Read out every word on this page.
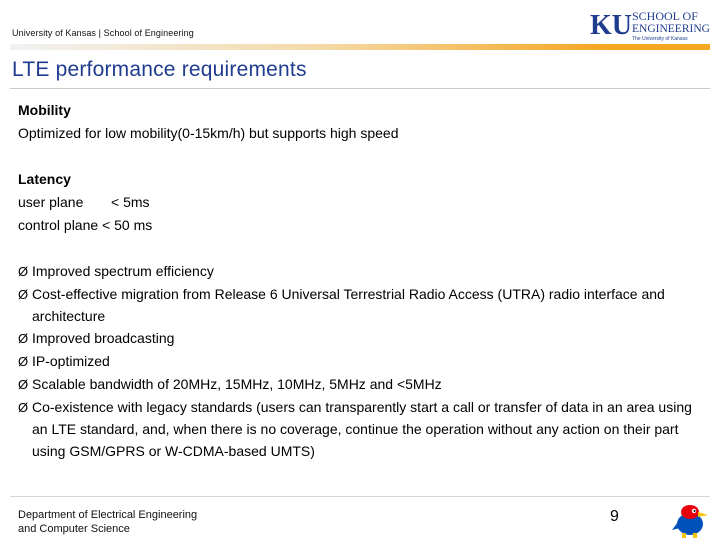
University of Kansas | School of Engineering	KU SCHOOL OF
ENGINEERING
The University of Kansas
LTE performance requirements
Mobility
Optimized for low mobility(0-15km/h) but supports high speed
Latency
user plane < 5ms
control plane < 50 ms
Ø Improved spectrum efficiency
Ø Cost-effective migration from Release 6 Universal Terrestrial Radio Access (UTRA) radio interface and architecture
Ø Improved broadcasting
Ø IP-optimized
Ø Scalable bandwidth of 20MHz, 15MHz, 10MHz, 5MHz and <5MHz
Ø Co-existence with legacy standards (users can transparently start a call or transfer of data in an area using an LTE standard, and, when there is no coverage, continue the operation without any action on their part using GSM/GPRS or W-CDMA-based UMTS)
Department of Electrical Engineering
and Computer Science
9
